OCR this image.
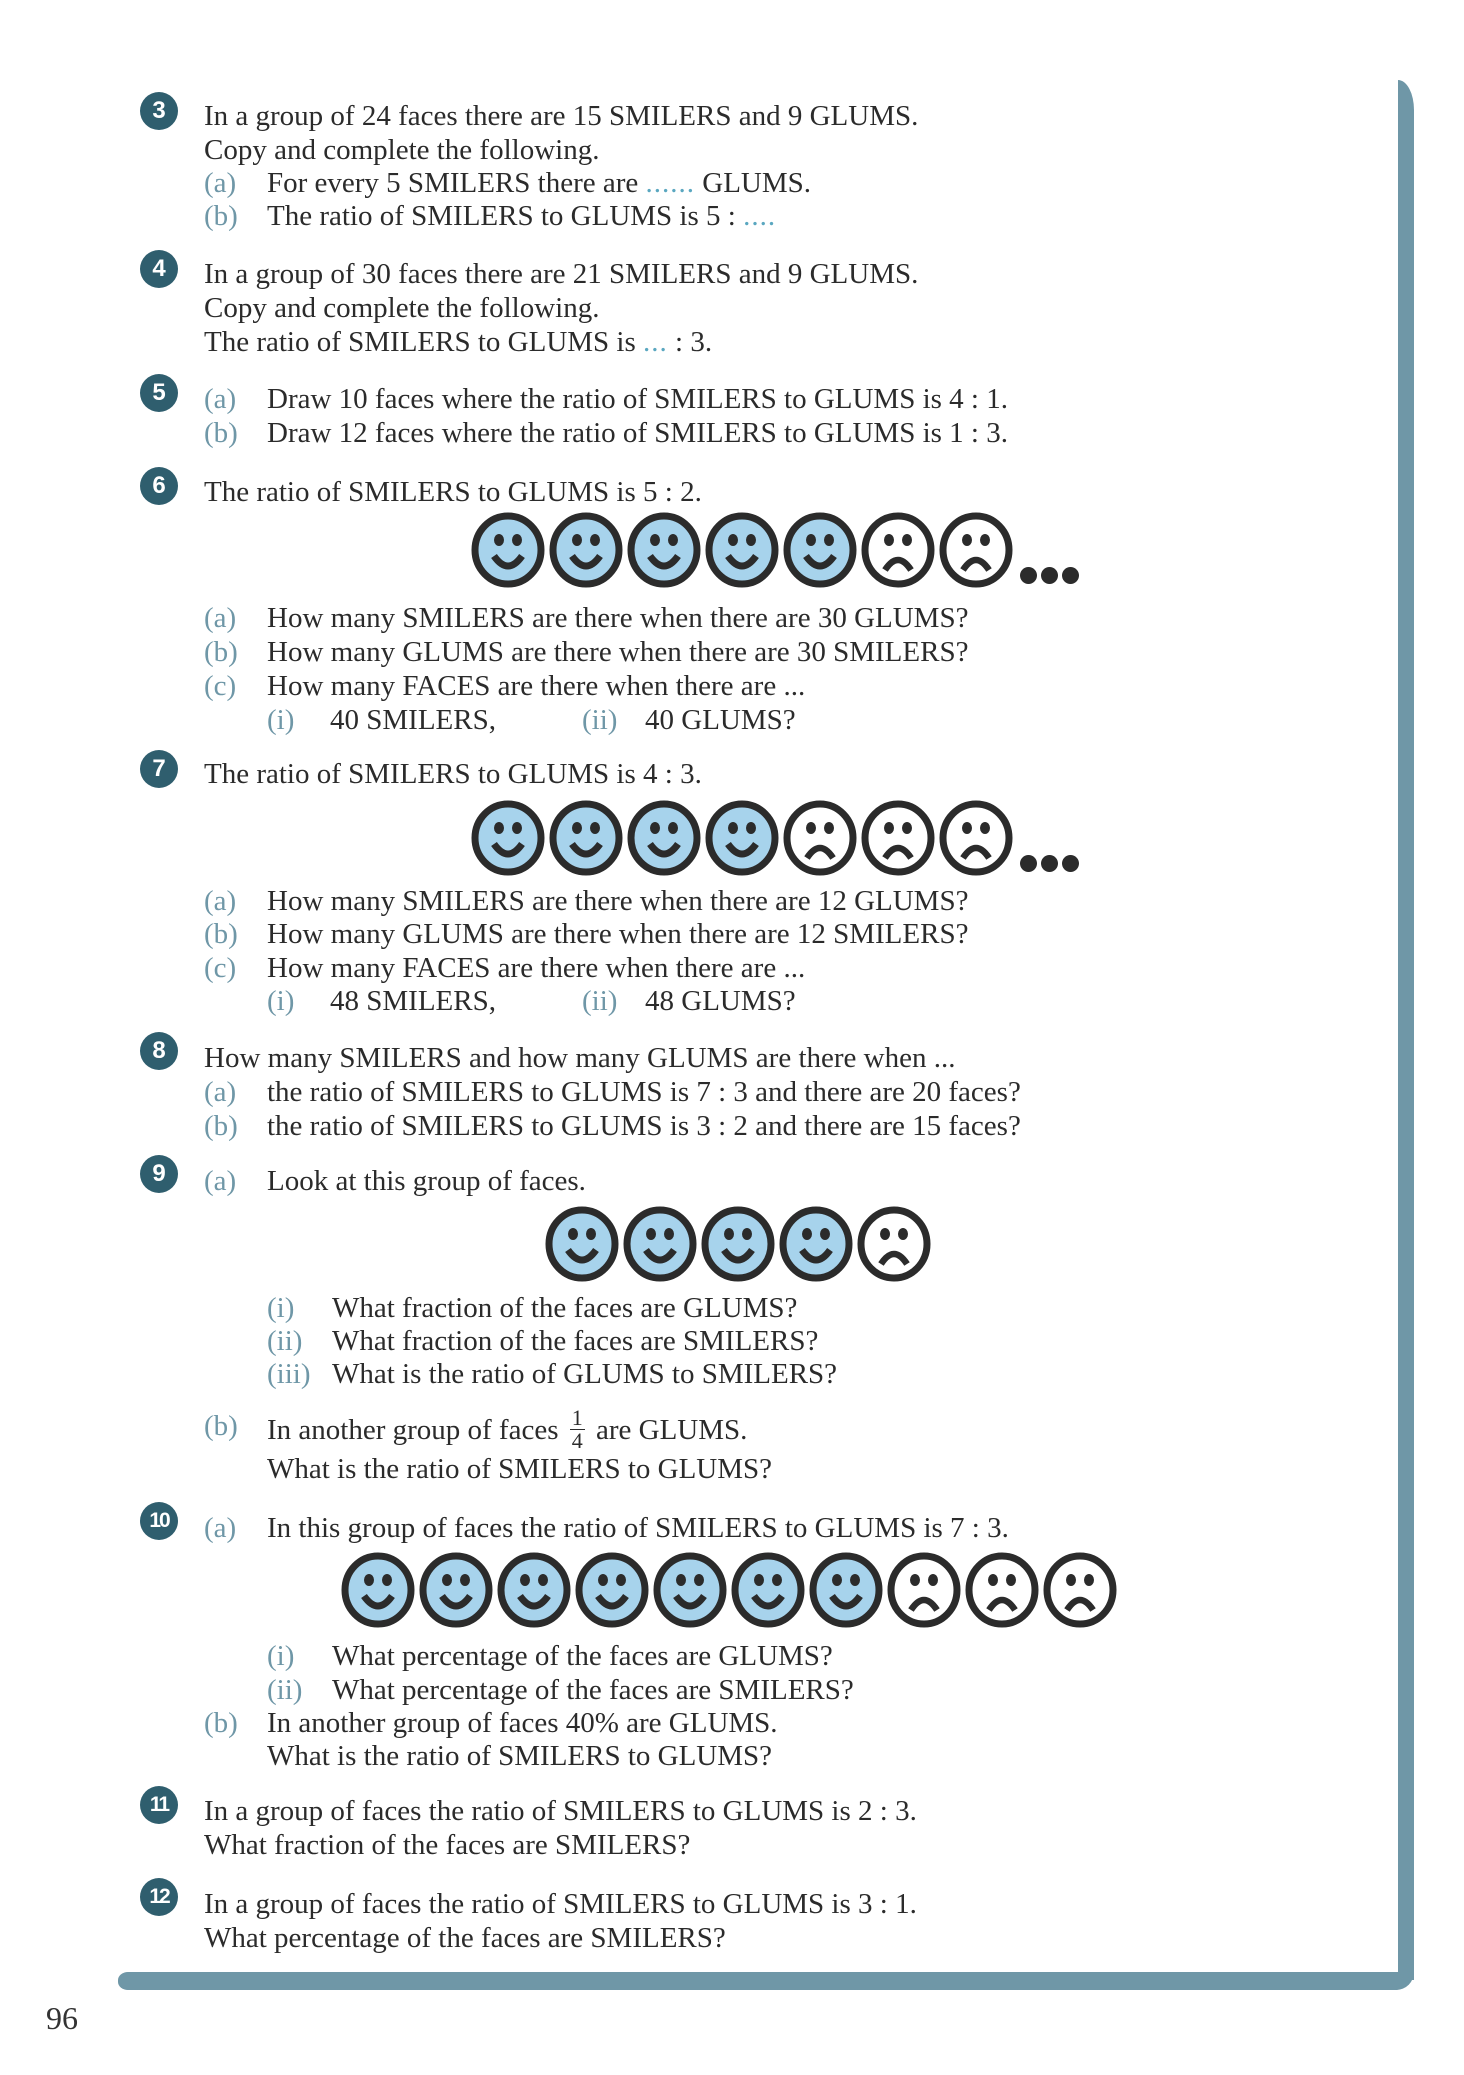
3	In a group of 24 faces there are 15 SMILERS and 9 GLUMS.
Copy and complete the following.
(a) For every 5 SMILERS there are ...... GLUMS.
(b) The ratio of SMILERS to GLUMS is 5 : ....
4	In a group of 30 faces there are 21 SMILERS and 9 GLUMS.
Copy and complete the following.
The ratio of SMILERS to GLUMS is ... : 3.
5	(a) Draw 10 faces where the ratio of SMILERS to GLUMS is 4 : 1.
(b) Draw 12 faces where the ratio of SMILERS to GLUMS is 1 : 3.
6	The ratio of SMILERS to GLUMS is 5 : 2.
(a) How many SMILERS are there when there are 30 GLUMS?
(b) How many GLUMS are there when there are 30 SMILERS?
(c) How many FACES are there when there are ...
(i) 40 SMILERS,	(ii) 40 GLUMS?
7	The ratio of SMILERS to GLUMS is 4 : 3.
(a) How many SMILERS are there when there are 12 GLUMS?
(b) How many GLUMS are there when there are 12 SMILERS?
(c) How many FACES are there when there are ...
(i) 48 SMILERS,	(ii) 48 GLUMS?
8	How many SMILERS and how many GLUMS are there when ...
(a) the ratio of SMILERS to GLUMS is 7 : 3 and there are 20 faces?
(b) the ratio of SMILERS to GLUMS is 3 : 2 and there are 15 faces?
9	(a) Look at this group of faces.
(i) What fraction of the faces are GLUMS?
(ii) What fraction of the faces are SMILERS?
(iii) What is the ratio of GLUMS to SMILERS?
(b) In another group of faces $\frac{1}{4}$ are GLUMS.
What is the ratio of SMILERS to GLUMS?
10	(a) In this group of faces the ratio of SMILERS to GLUMS is 7 : 3.
(i) What percentage of the faces are GLUMS?
(ii) What percentage of the faces are SMILERS?
(b) In another group of faces 40% are GLUMS.
What is the ratio of SMILERS to GLUMS?
11	In a group of faces the ratio of SMILERS to GLUMS is 2 : 3.
What fraction of the faces are SMILERS?
12	In a group of faces the ratio of SMILERS to GLUMS is 3 : 1.
What percentage of the faces are SMILERS?
96
